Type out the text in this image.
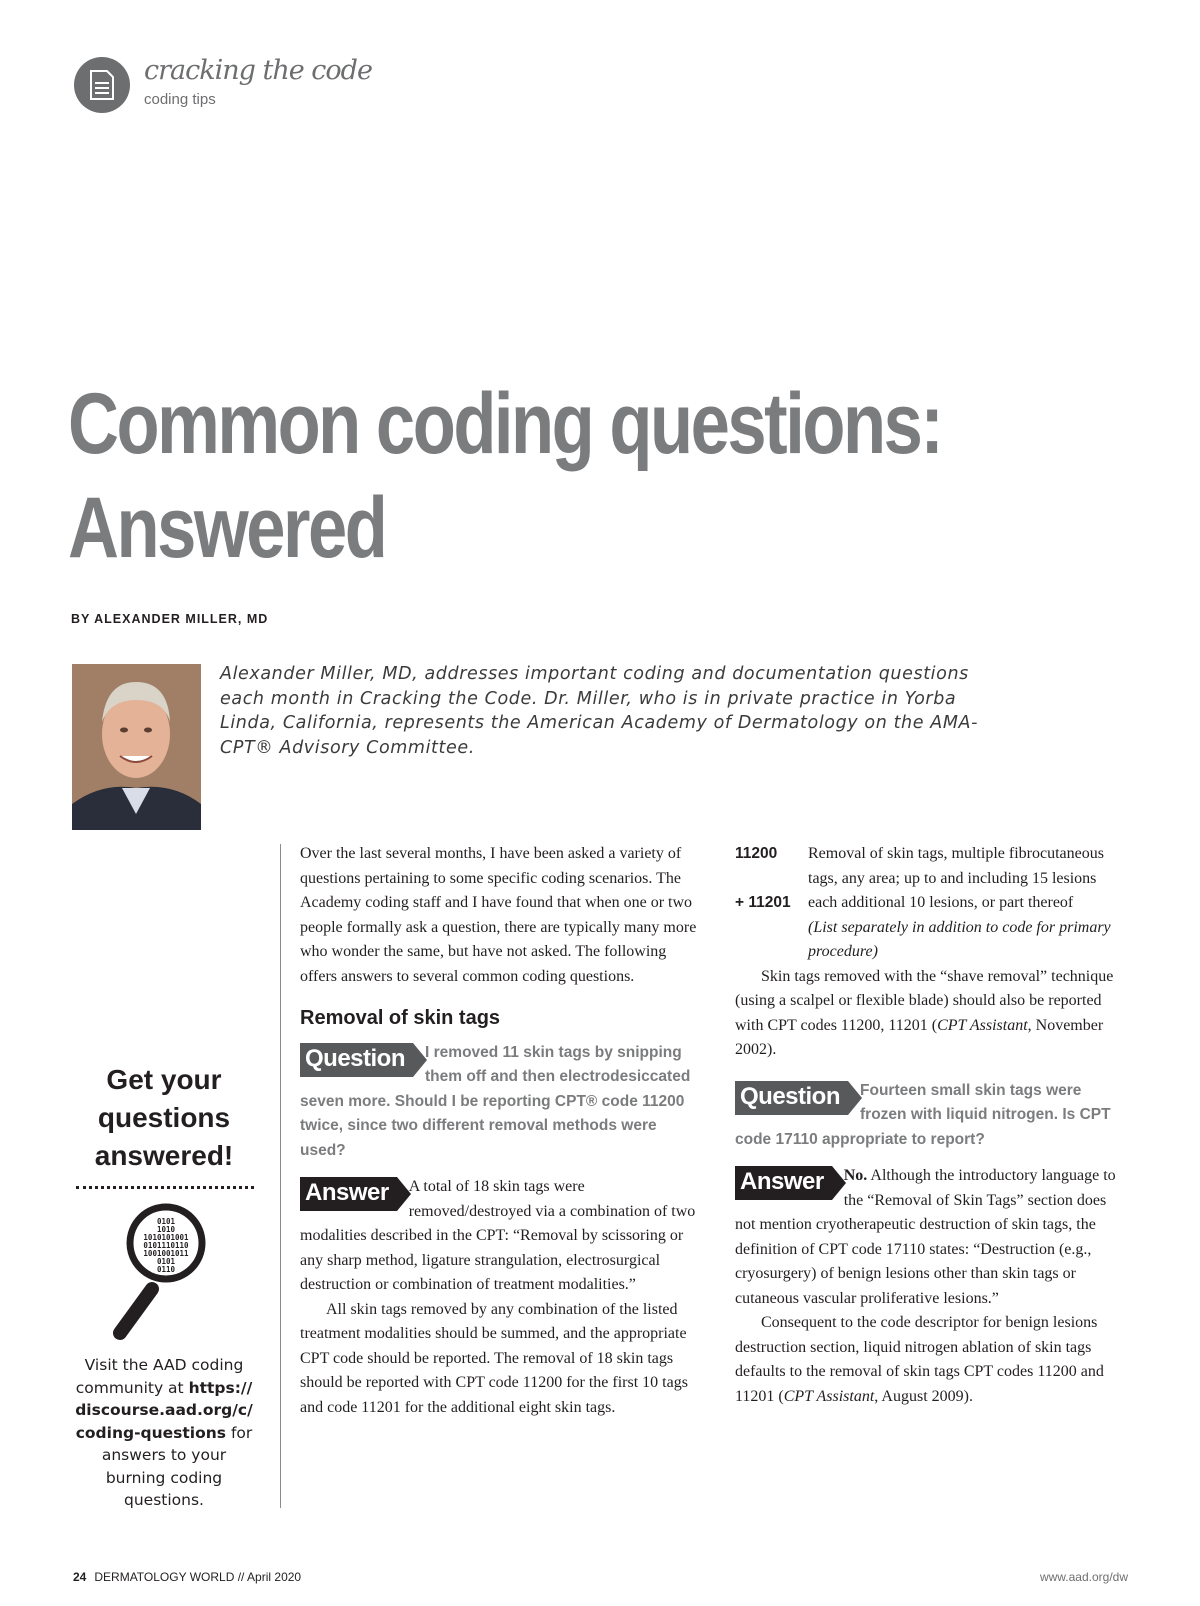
cracking the code
coding tips
Common coding questions:
Answered
BY ALEXANDER MILLER, MD

Alexander Miller, MD, addresses important coding and documentation questions each month in Cracking the Code. Dr. Miller, who is in private practice in Yorba Linda, California, represents the American Academy of Dermatology on the AMA-CPT® Advisory Committee.

Get your questions answered!

0101
1010
1010101001
0101110110
1001001011
0101
0110

Visit the AAD coding community at https://discourse.aad.org/c/coding-questions for answers to your burning coding questions.

Over the last several months, I have been asked a variety of questions pertaining to some specific coding scenarios. The Academy coding staff and I have found that when one or two people formally ask a question, there are typically many more who wonder the same, but have not asked. The following offers answers to several common coding questions.

Removal of skin tags

Question	I removed 11 skin tags by snipping them off and then electrodesiccated seven more. Should I be reporting CPT® code 11200 twice, since two different removal methods were used?

Answer	A total of 18 skin tags were removed/destroyed via a combination of two modalities described in the CPT: “Removal by scissoring or any sharp method, ligature strangulation, electrosurgical destruction or combination of treatment modalities.”

All skin tags removed by any combination of the listed treatment modalities should be summed, and the appropriate CPT code should be reported. The removal of 18 skin tags should be reported with CPT code 11200 for the first 10 tags and code 11201 for the additional eight skin tags.

11200	Removal of skin tags, multiple fibrocutaneous tags, any area; up to and including 15 lesions
+ 11201	each additional 10 lesions, or part thereof
(List separately in addition to code for primary procedure)

Skin tags removed with the “shave removal” technique (using a scalpel or flexible blade) should also be reported with CPT codes 11200, 11201 (CPT Assistant, November 2002).

Question	Fourteen small skin tags were frozen with liquid nitrogen. Is CPT code 17110 appropriate to report?

Answer	No. Although the introductory language to the “Removal of Skin Tags” section does not mention cryotherapeutic destruction of skin tags, the definition of CPT code 17110 states: “Destruction (e.g., cryosurgery) of benign lesions other than skin tags or cutaneous vascular proliferative lesions.”

Consequent to the code descriptor for benign lesions destruction section, liquid nitrogen ablation of skin tags defaults to the removal of skin tags CPT codes 11200 and 11201 (CPT Assistant, August 2009).

24 DERMATOLOGY WORLD // April 2020	www.aad.org/dw
